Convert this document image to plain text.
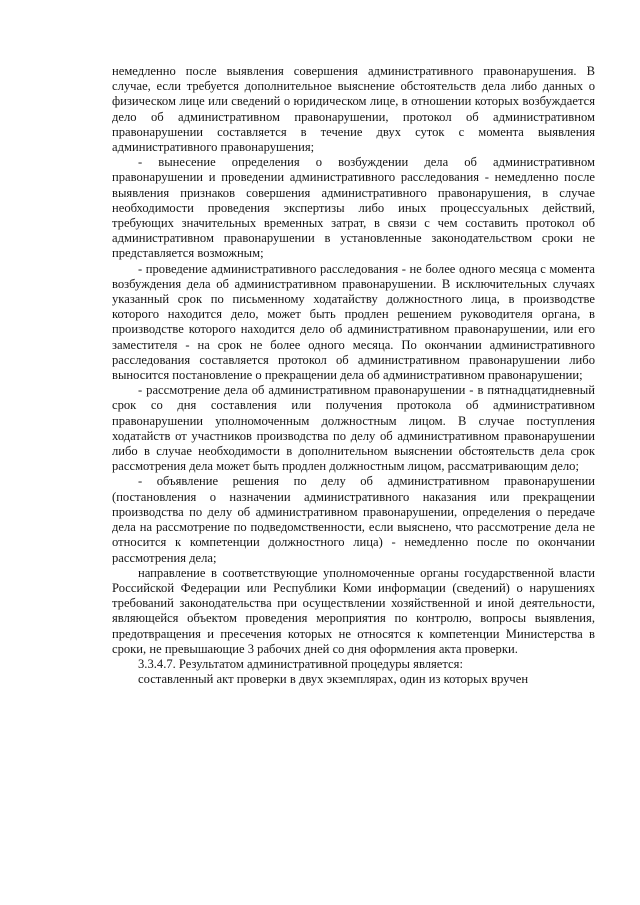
немедленно после выявления совершения административного правонарушения. В случае, если требуется дополнительное выяснение обстоятельств дела либо данных о физическом лице или сведений о юридическом лице, в отношении которых возбуждается дело об административном правонарушении, протокол об административном правонарушении составляется в течение двух суток с момента выявления административного правонарушения;

- вынесение определения о возбуждении дела об административном правонарушении и проведении административного расследования - немедленно после выявления признаков совершения административного правонарушения, в случае необходимости проведения экспертизы либо иных процессуальных действий, требующих значительных временных затрат, в связи с чем составить протокол об административном правонарушении в установленные законодательством сроки не представляется возможным;

- проведение административного расследования - не более одного месяца с момента возбуждения дела об административном правонарушении. В исключительных случаях указанный срок по письменному ходатайству должностного лица, в производстве которого находится дело, может быть продлен решением руководителя органа, в производстве которого находится дело об административном правонарушении, или его заместителя - на срок не более одного месяца. По окончании административного расследования составляется протокол об административном правонарушении либо выносится постановление о прекращении дела об административном правонарушении;

- рассмотрение дела об административном правонарушении - в пятнадцатидневный срок со дня составления или получения протокола об административном правонарушении уполномоченным должностным лицом. В случае поступления ходатайств от участников производства по делу об административном правонарушении либо в случае необходимости в дополнительном выяснении обстоятельств дела срок рассмотрения дела может быть продлен должностным лицом, рассматривающим дело;

- объявление решения по делу об административном правонарушении (постановления о назначении административного наказания или прекращении производства по делу об административном правонарушении, определения о передаче дела на рассмотрение по подведомственности, если выяснено, что рассмотрение дела не относится к компетенции должностного лица) - немедленно после по окончании рассмотрения дела;

направление в соответствующие уполномоченные органы государственной власти Российской Федерации или Республики Коми информации (сведений) о нарушениях требований законодательства при осуществлении хозяйственной и иной деятельности, являющейся объектом проведения мероприятия по контролю, вопросы выявления, предотвращения и пресечения которых не относятся к компетенции Министерства в сроки, не превышающие 3 рабочих дней со дня оформления акта проверки.

3.3.4.7. Результатом административной процедуры является:

составленный акт проверки в двух экземплярах, один из которых вручен
